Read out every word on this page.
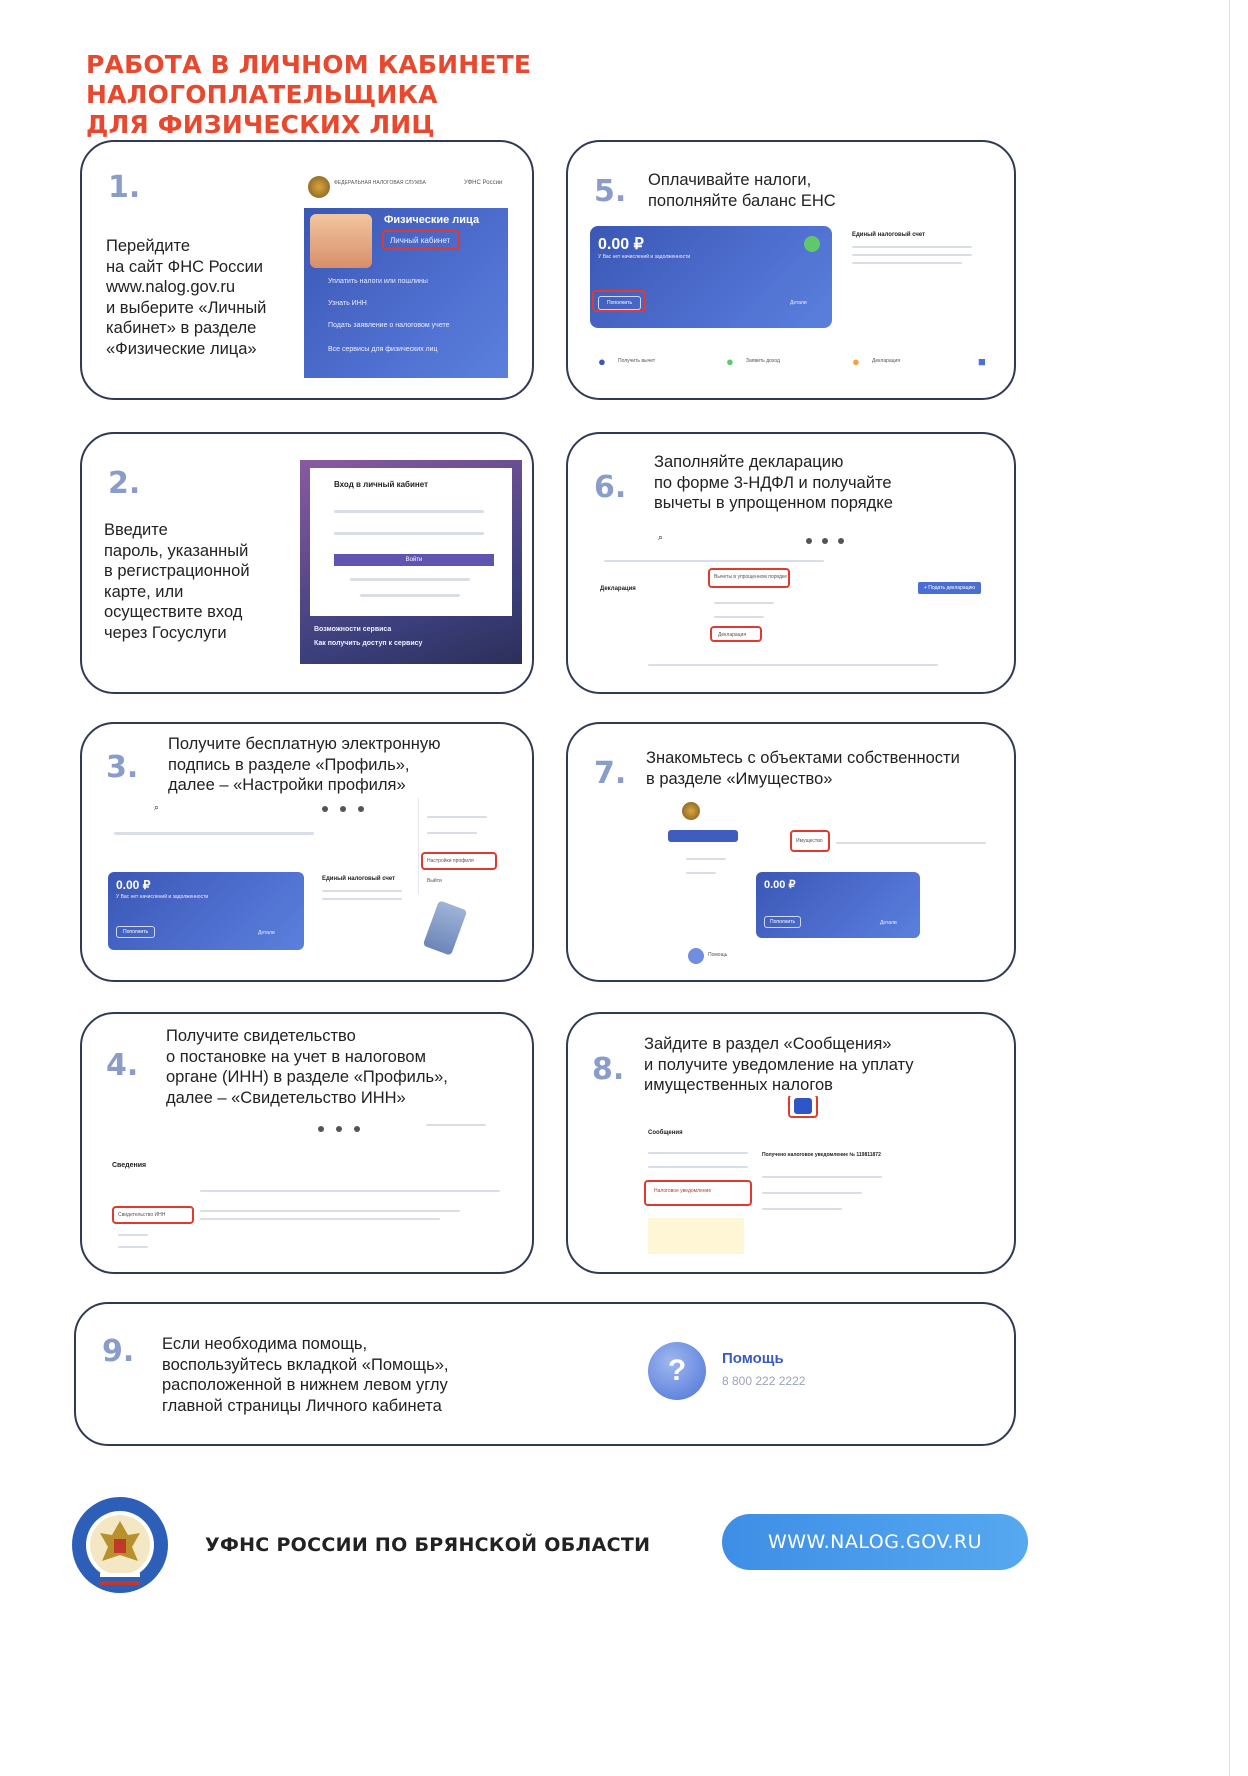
РАБОТА В ЛИЧНОМ КАБИНЕТЕ НАЛОГОПЛАТЕЛЬЩИКА
ДЛЯ ФИЗИЧЕСКИХ ЛИЦ
1.
Перейдите
на сайт ФНС России
www.nalog.gov.ru
и выберите «Личный
кабинет» в разделе
«Физические лица»
ФЕДЕРАЛЬНАЯ НАЛОГОВАЯ СЛУЖБА	УФНС России
Физические лица
Личный кабинет
Уплатить налоги или пошлины
Узнать ИНН
Подать заявление о налоговом учете
Все сервисы для физических лиц
2.
Введите
пароль, указанный
в регистрационной
карте, или
осуществите вход
через Госуслуги
Вход в личный кабинет
Войти
Возможности сервиса
Как получить доступ к сервису
3.
Получите бесплатную электронную
подпись в разделе «Профиль»,
далее – «Настройки профиля»
⌕
0.00 ₽
У Вас нет начислений и задолженности
Пополнить	Детали
Единый налоговый счет
Настройки профиля
Выйти
4.
Получите свидетельство
о постановке на учет в налоговом
органе (ИНН) в разделе «Профиль»,
далее – «Свидетельство ИНН»
Сведения
Свидетельство ИНН
5. Оплачивайте налоги,
пополняйте баланс ЕНС
0.00 ₽
У Вас нет начислений и задолженности
Пополнить	Детали
Единый налоговый счет
● Получить вычет	● Заявить доход	● Декларация	■
6.
Заполняйте декларацию
по форме 3-НДФЛ и получайте
вычеты в упрощенном порядке
⌕
Декларация
Вычеты в упрощенном порядке
Декларация
+ Подать декларацию
7. Знакомьтесь с объектами собственности
в разделе «Имущество»
Имущество
0.00 ₽
Пополнить	Детали
Помощь
8.
Зайдите в раздел «Сообщения»
и получите уведомление на уплату
имущественных налогов
Сообщения
Налоговое уведомление
Получено налоговое уведомление № 119811872
9. Если необходима помощь,
воспользуйтесь вкладкой «Помощь»,
расположенной в нижнем левом углу
главной страницы Личного кабинета
?	Помощь
8 800 222 2222
УФНС РОССИИ ПО БРЯНСКОЙ ОБЛАСТИ	WWW.NALOG.GOV.RU
